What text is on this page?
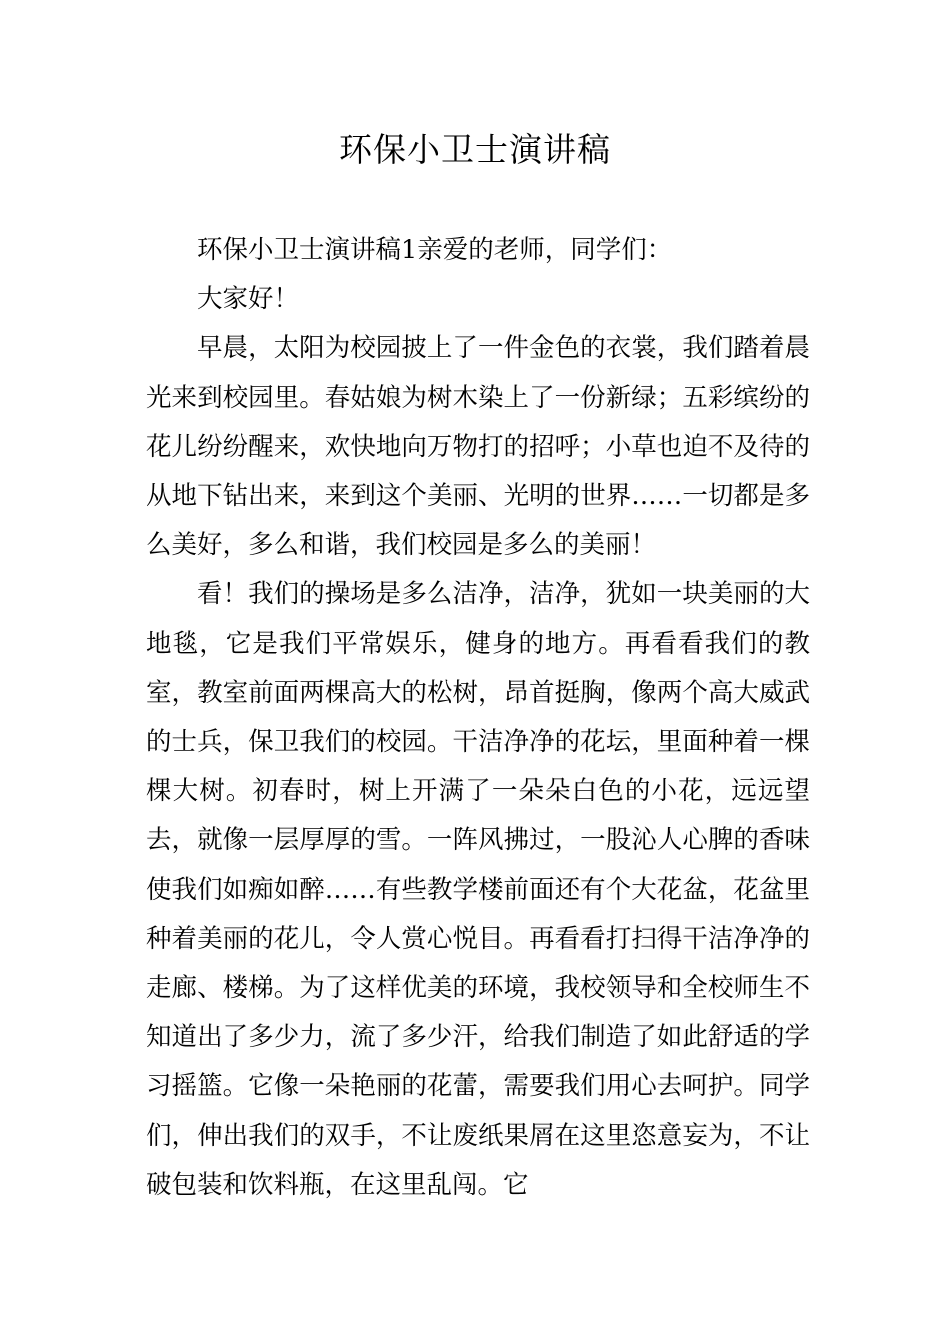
环保小卫士演讲稿

环保小卫士演讲稿1亲爱的老师，同学们：

大家好！

早晨，太阳为校园披上了一件金色的衣裳，我们踏着晨光来到校园里。春姑娘为树木染上了一份新绿；五彩缤纷的花儿纷纷醒来，欢快地向万物打的招呼；小草也迫不及待的从地下钻出来，来到这个美丽、光明的世界……一切都是多么美好，多么和谐，我们校园是多么的美丽！

看！我们的操场是多么洁净，洁净，犹如一块美丽的大地毯，它是我们平常娱乐，健身的地方。再看看我们的教室，教室前面两棵高大的松树，昂首挺胸，像两个高大威武的士兵，保卫我们的校园。干洁净净的花坛，里面种着一棵棵大树。初春时，树上开满了一朵朵白色的小花，远远望去，就像一层厚厚的雪。一阵风拂过，一股沁人心脾的香味使我们如痴如醉……有些教学楼前面还有个大花盆，花盆里种着美丽的花儿，令人赏心悦目。再看看打扫得干洁净净的走廊、楼梯。为了这样优美的环境，我校领导和全校师生不知道出了多少力，流了多少汗，给我们制造了如此舒适的学习摇篮。它像一朵艳丽的花蕾，需要我们用心去呵护。同学们，伸出我们的双手，不让废纸果屑在这里恣意妄为，不让破包装和饮料瓶，在这里乱闯。它
